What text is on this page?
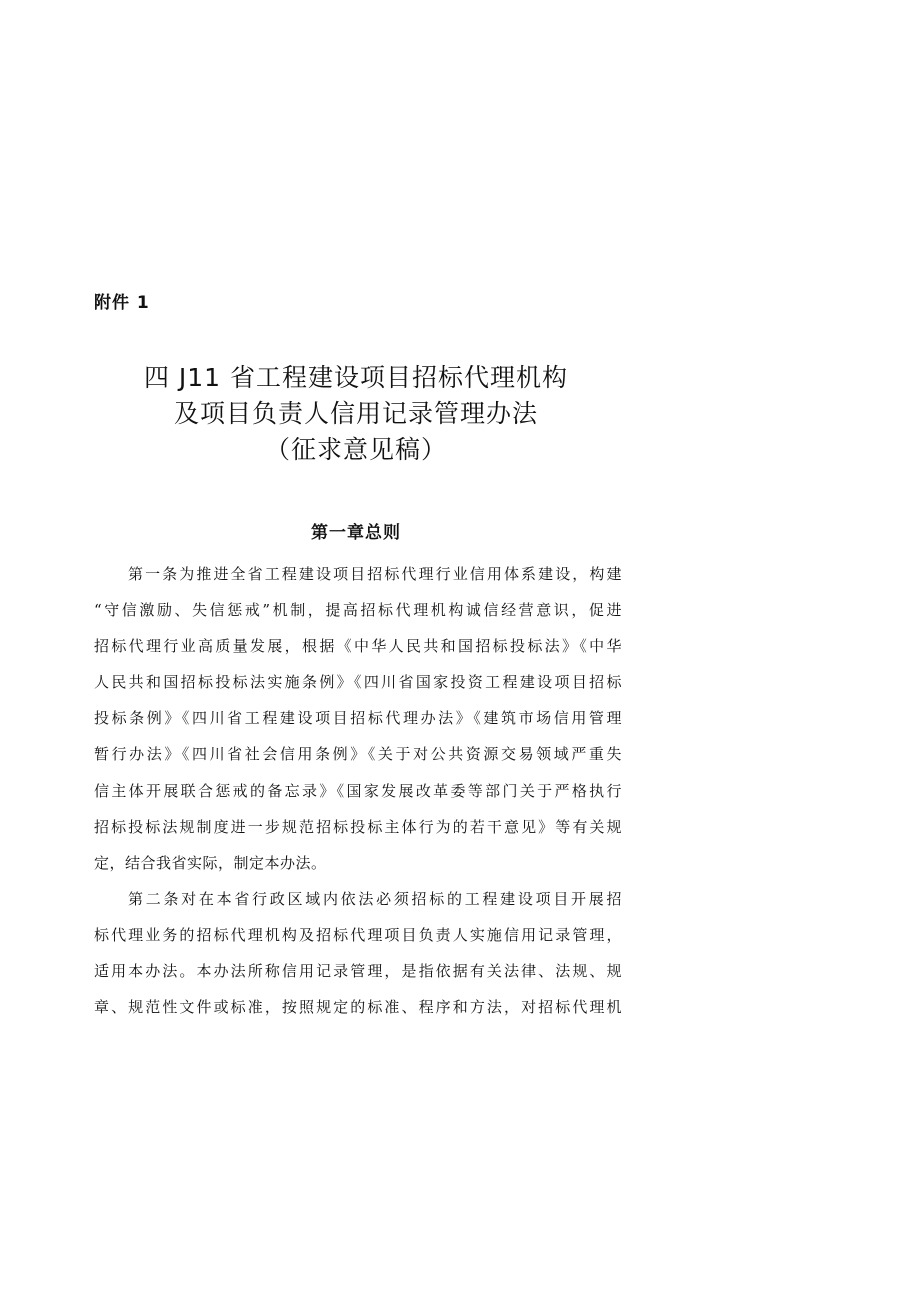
附件 1
四 J11 省工程建设项目招标代理机构
及项目负责人信用记录管理办法
（征求意见稿）
第一章总则
第一条为推进全省工程建设项目招标代理行业信用体系建设，构建
“守信激励、失信惩戒”机制，提高招标代理机构诚信经营意识，促进
招标代理行业高质量发展，根据《中华人民共和国招标投标法》《中华
人民共和国招标投标法实施条例》《四川省国家投资工程建设项目招标
投标条例》《四川省工程建设项目招标代理办法》《建筑市场信用管理
暂行办法》《四川省社会信用条例》《关于对公共资源交易领域严重失
信主体开展联合惩戒的备忘录》《国家发展改革委等部门关于严格执行
招标投标法规制度进一步规范招标投标主体行为的若干意见》等有关规
定，结合我省实际，制定本办法。
第二条对在本省行政区域内依法必须招标的工程建设项目开展招
标代理业务的招标代理机构及招标代理项目负责人实施信用记录管理，
适用本办法。本办法所称信用记录管理，是指依据有关法律、法规、规
章、规范性文件或标准，按照规定的标准、程序和方法，对招标代理机
